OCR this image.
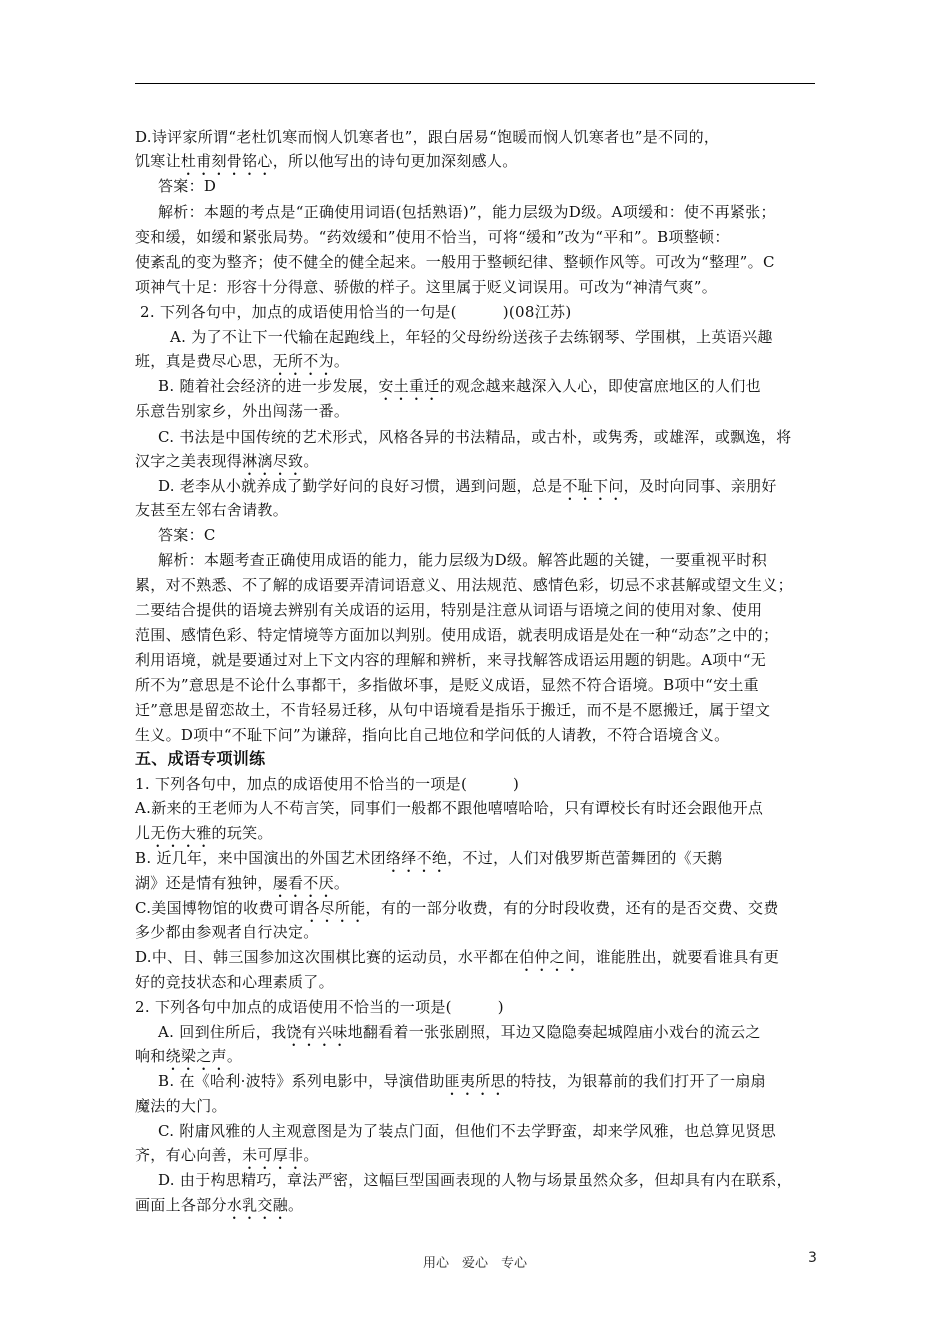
D.诗评家所谓“老杜饥寒而悯人饥寒者也”，跟白居易“饱暖而悯人饥寒者也”是不同的，
饥寒让杜甫刻骨铭心，所以他写出的诗句更加深刻感人。
答案：D
解析：本题的考点是“正确使用词语(包括熟语)”，能力层级为D级。A项缓和：使不再紧张；
变和缓，如缓和紧张局势。“药效缓和”使用不恰当，可将“缓和”改为“平和”。B项整顿：
使紊乱的变为整齐；使不健全的健全起来。一般用于整顿纪律、整顿作风等。可改为“整理”。C
项神气十足：形容十分得意、骄傲的样子。这里属于贬义词误用。可改为“神清气爽”。
2. 下列各句中，加点的成语使用恰当的一句是(　　　)(08江苏)
A. 为了不让下一代输在起跑线上，年轻的父母纷纷送孩子去练钢琴、学围棋，上英语兴趣
班，真是费尽心思，无所不为。
B. 随着社会经济的进一步发展，安土重迁的观念越来越深入人心，即使富庶地区的人们也
乐意告别家乡，外出闯荡一番。
C. 书法是中国传统的艺术形式，风格各异的书法精品，或古朴，或隽秀，或雄浑，或飘逸，将
汉字之美表现得淋漓尽致。
D. 老李从小就养成了勤学好问的良好习惯，遇到问题，总是不耻下问，及时向同事、亲朋好
友甚至左邻右舍请教。
答案：C
解析：本题考查正确使用成语的能力，能力层级为D级。解答此题的关键，一要重视平时积
累，对不熟悉、不了解的成语要弄清词语意义、用法规范、感情色彩，切忌不求甚解或望文生义；
二要结合提供的语境去辨别有关成语的运用，特别是注意从词语与语境之间的使用对象、使用
范围、感情色彩、特定情境等方面加以判别。使用成语，就表明成语是处在一种“动态”之中的；
利用语境，就是要通过对上下文内容的理解和辨析，来寻找解答成语运用题的钥匙。A项中“无
所不为”意思是不论什么事都干，多指做坏事，是贬义成语，显然不符合语境。B项中“安土重
迁”意思是留恋故土，不肯轻易迁移，从句中语境看是指乐于搬迁，而不是不愿搬迁，属于望文
生义。D项中“不耻下问”为谦辞，指向比自己地位和学问低的人请教，不符合语境含义。
五、成语专项训练
1. 下列各句中，加点的成语使用不恰当的一项是(　　　)
A.新来的王老师为人不苟言笑，同事们一般都不跟他嘻嘻哈哈，只有谭校长有时还会跟他开点
儿无伤大雅的玩笑。
B. 近几年，来中国演出的外国艺术团络绎不绝，不过，人们对俄罗斯芭蕾舞团的《天鹅
湖》还是情有独钟，屡看不厌。
C.美国博物馆的收费可谓各尽所能，有的一部分收费，有的分时段收费，还有的是否交费、交费
多少都由参观者自行决定。
D.中、日、韩三国参加这次围棋比赛的运动员，水平都在伯仲之间，谁能胜出，就要看谁具有更
好的竞技状态和心理素质了。
2. 下列各句中加点的成语使用不恰当的一项是(　　　)
A. 回到住所后，我饶有兴味地翻看着一张张剧照，耳边又隐隐奏起城隍庙小戏台的流云之
响和绕梁之声。
B. 在《哈利·波特》系列电影中，导演借助匪夷所思的特技，为银幕前的我们打开了一扇扇
魔法的大门。
C. 附庸风雅的人主观意图是为了装点门面，但他们不去学野蛮，却来学风雅，也总算见贤思
齐，有心向善，未可厚非。
D. 由于构思精巧，章法严密，这幅巨型国画表现的人物与场景虽然众多，但却具有内在联系，
画面上各部分水乳交融。
用心　爱心　专心	3
